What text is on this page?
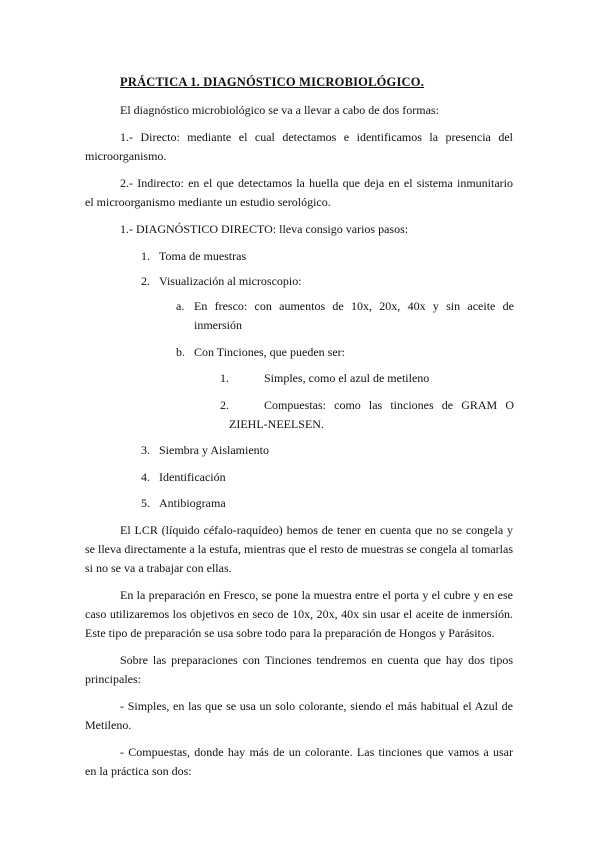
PRÁCTICA 1. DIAGNÓSTICO MICROBIOLÓGICO.
El diagnóstico microbiológico se va a llevar a cabo de dos formas:
1.- Directo: mediante el cual detectamos e identificamos la presencia del
microorganismo.
2.- Indirecto: en el que detectamos la huella que deja en el sistema inmunitario
el microorganismo mediante un estudio serológico.
1.- DIAGNÓSTICO DIRECTO: lleva consigo varios pasos:
1. Toma de muestras
2. Visualización al microscopio:
a. En fresco: con aumentos de 10x, 20x, 40x y sin aceite de
inmersión
b. Con Tinciones, que pueden ser:
1.	Simples, como el azul de metileno
2.	Compuestas: como las tinciones de GRAM O
ZIEHL-NEELSEN.
3. Siembra y Aislamiento
4. Identificación
5. Antibiograma
El LCR (líquido céfalo-raquídeo) hemos de tener en cuenta que no se congela y
se lleva directamente a la estufa, mientras que el resto de muestras se congela al tomarlas
si no se va a trabajar con ellas.
En la preparación en Fresco, se pone la muestra entre el porta y el cubre y en ese
caso utilizaremos los objetivos en seco de 10x, 20x, 40x sin usar el aceite de inmersión.
Este tipo de preparación se usa sobre todo para la preparación de Hongos y Parásitos.
Sobre las preparaciones con Tinciones tendremos en cuenta que hay dos tipos
principales:
- Simples, en las que se usa un solo colorante, siendo el más habitual el Azul de
Metileno.
- Compuestas, donde hay más de un colorante. Las tinciones que vamos a usar
en la práctica son dos:
